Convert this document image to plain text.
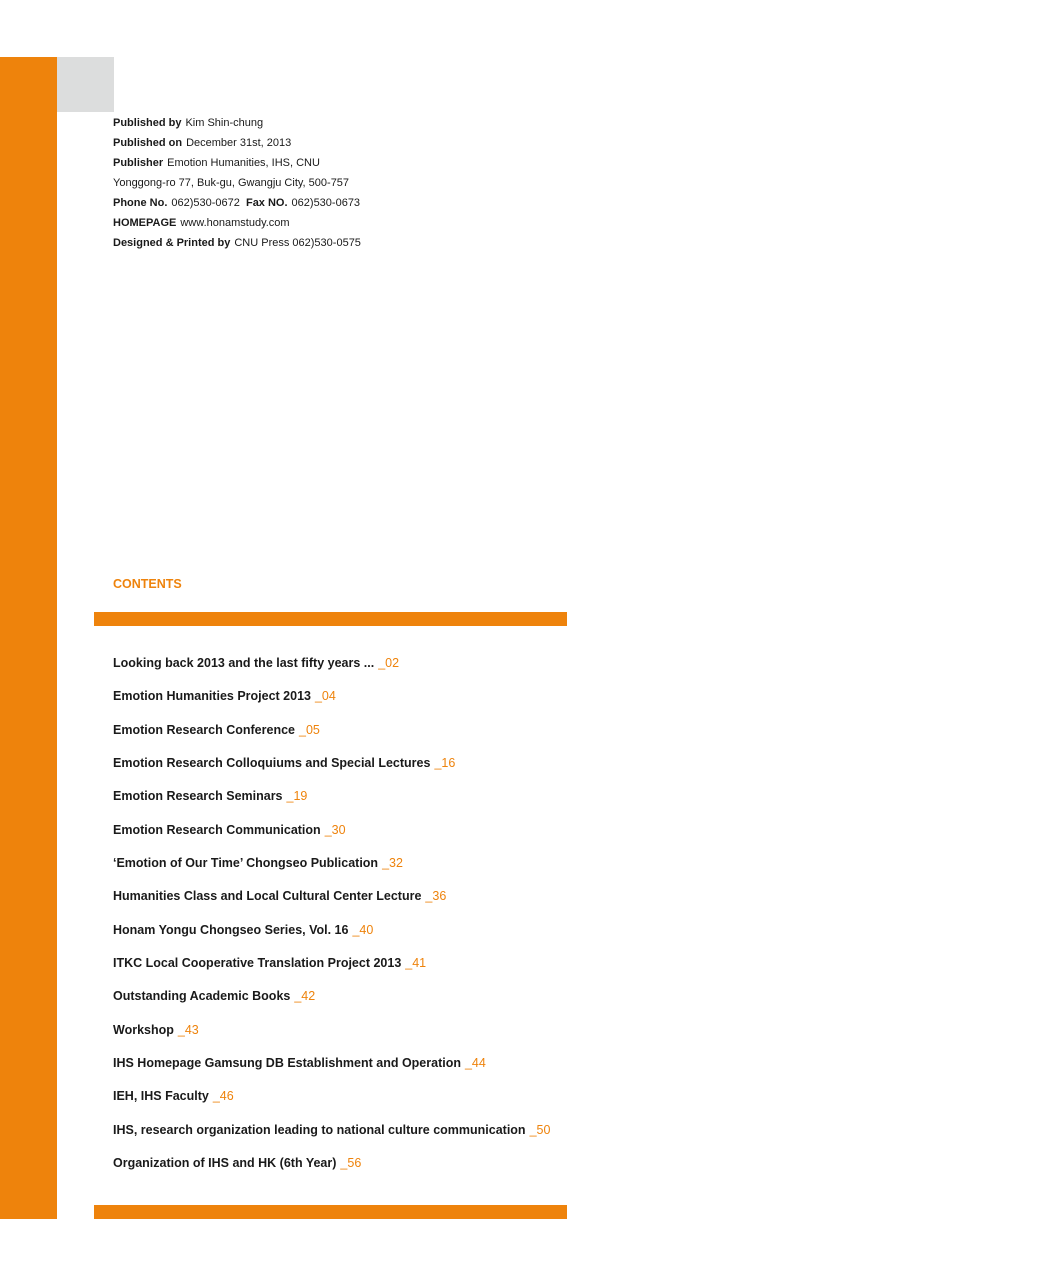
Published by Kim Shin-chung
Published on December 31st, 2013
Publisher Emotion Humanities, IHS, CNU
Yonggong-ro 77, Buk-gu, Gwangju City, 500-757
Phone No. 062)530-0672 Fax NO. 062)530-0673
HOMEPAGE www.honamstudy.com
Designed & Printed by CNU Press 062)530-0575
CONTENTS
Looking back 2013 and the last fifty years ... _02
Emotion Humanities Project 2013 _04
Emotion Research Conference _05
Emotion Research Colloquiums and Special Lectures _16
Emotion Research Seminars _19
Emotion Research Communication _30
‘Emotion of Our Time’ Chongseo Publication _32
Humanities Class and Local Cultural Center Lecture _36
Honam Yongu Chongseo Series, Vol. 16 _40
ITKC Local Cooperative Translation Project 2013 _41
Outstanding Academic Books _42
Workshop _43
IHS Homepage Gamsung DB Establishment and Operation _44
IEH, IHS Faculty _46
IHS, research organization leading to national culture communication _50
Organization of IHS and HK (6th Year) _56
